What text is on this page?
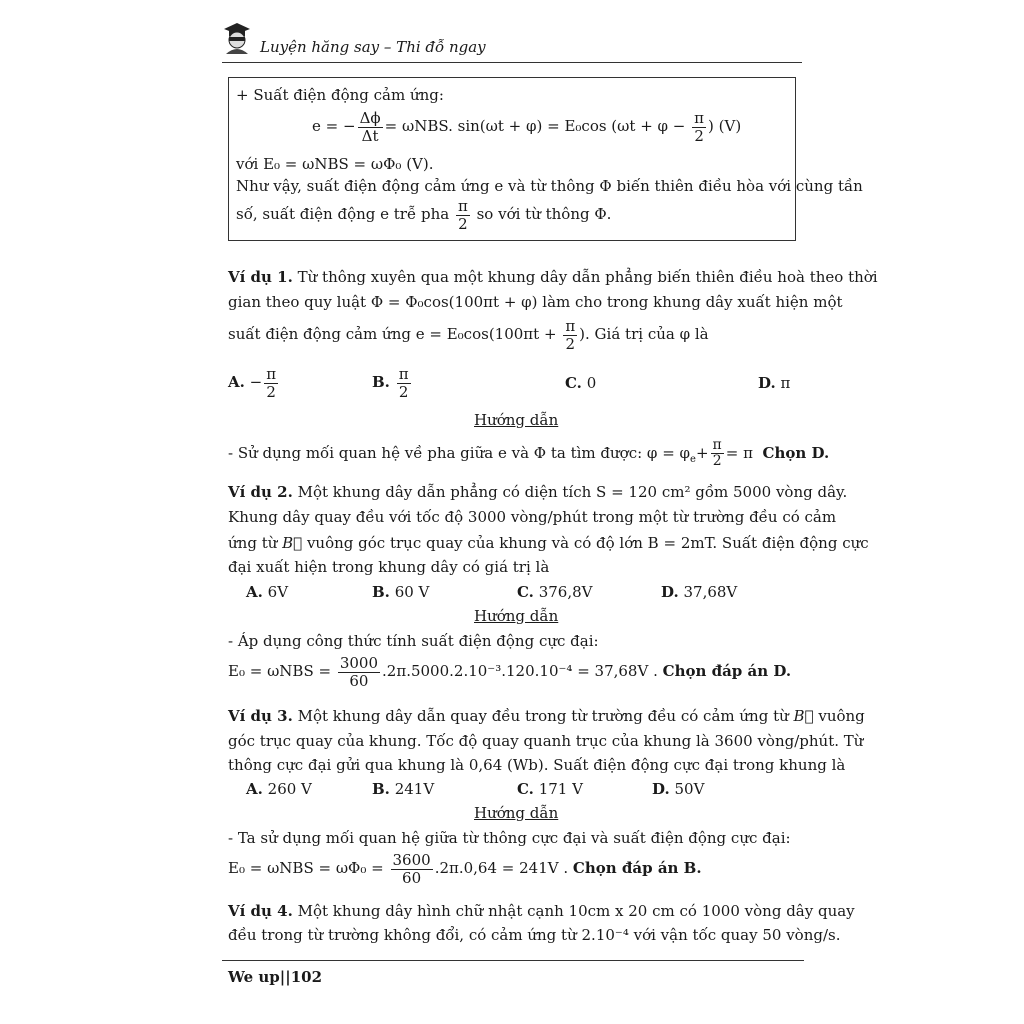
Luyện hăng say – Thi đỗ ngay
+ Suất điện động cảm ứng:
e = − $\frac{\Delta\phi}{\Delta t} = \omega NBS$. sin(ωt + φ) = E₀cos ($\omega t + \varphi - \frac{\pi}{2}$ ) (V)
với E₀ = ωNBS = ωΦ₀ (V).
Như vậy, suất điện động cảm ứng e và từ thông Φ biến thiên điều hòa với cùng tần
số, suất điện động e trễ pha $\frac{\pi}{2}$ so với từ thông Φ.
Ví dụ 1. Từ thông xuyên qua một khung dây dẫn phẳng biến thiên điều hoà theo thời
gian theo quy luật Φ = Φ₀cos(100πt + φ) làm cho trong khung dây xuất hiện một
suất điện động cảm ứng $e = E_0\cos(100\pi t + \frac{\pi}{2}$ ). Giá trị của φ là
A. − $\frac{\pi}{2}$	B. $\frac{\pi}{2}$	C. 0	D. π
Hướng dẫn
- Sử dụng mối quan hệ về pha giữa e và Φ ta tìm được: $\varphi = \varphi_e+ \frac{\pi}{2} = \pi$ Chọn D.
Ví dụ 2. Một khung dây dẫn phẳng có diện tích S = 120 cm² gồm 5000 vòng dây.
Khung dây quay đều với tốc độ 3000 vòng/phút trong một từ trường đều có cảm
ứng từ B⃗ vuông góc trục quay của khung và có độ lớn B = 2mT. Suất điện động cực
đại xuất hiện trong khung dây có giá trị là
A. 6V	B. 60 V	C. 376,8V	D. 37,68V
Hướng dẫn
- Áp dụng công thức tính suất điện động cực đại:
$E_0 = \omega NBS = \frac{3000}{60} .2\pi.5000.2.10^{-3}.120.10^{-4} = 37,68V$ . Chọn đáp án D.
Ví dụ 3. Một khung dây dẫn quay đều trong từ trường đều có cảm ứng từ B⃗ vuông
góc trục quay của khung. Tốc độ quay quanh trục của khung là 3600 vòng/phút. Từ
thông cực đại gửi qua khung là 0,64 (Wb). Suất điện động cực đại trong khung là
A. 260 V	B. 241V	C. 171 V	D. 50V
Hướng dẫn
- Ta sử dụng mối quan hệ giữa từ thông cực đại và suất điện động cực đại:
$E_0 = \omega NBS = \omega\Phi_0 = \frac{3600}{60} .2\pi.0,64 = 241V$ . Chọn đáp án B.
Ví dụ 4. Một khung dây hình chữ nhật cạnh 10cm x 20 cm có 1000 vòng dây quay
đều trong từ trường không đổi, có cảm ứng từ 2.10⁻⁴ với vận tốc quay 50 vòng/s.
We up||102
